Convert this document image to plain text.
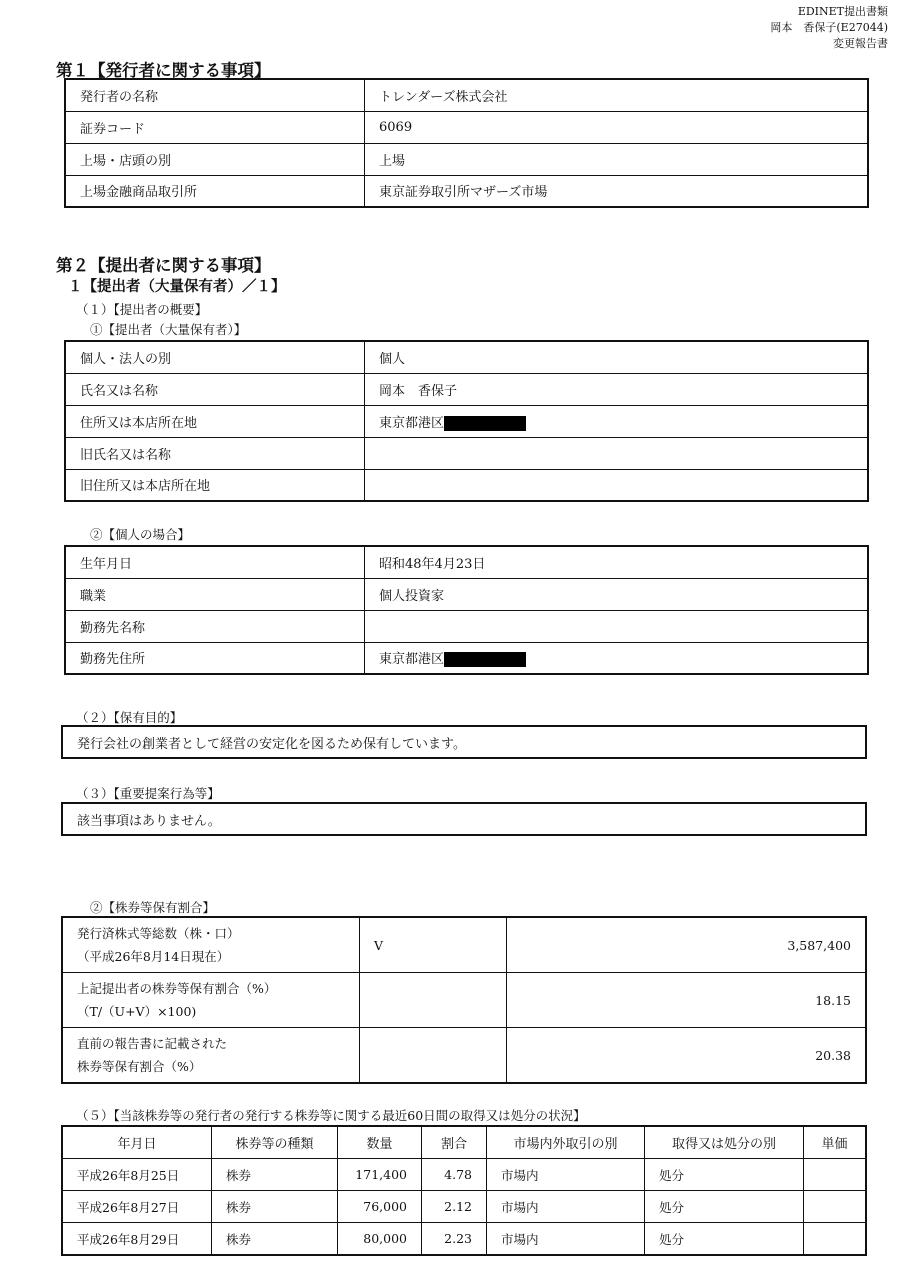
EDINET提出書類
岡本　香保子(E27044)
変更報告書
第１【発行者に関する事項】
発行者の名称	トレンダーズ株式会社
証券コード	6069
上場・店頭の別	上場
上場金融商品取引所	東京証券取引所マザーズ市場
第２【提出者に関する事項】
１【提出者（大量保有者）／１】
（１）【提出者の概要】
①【提出者（大量保有者）】
個人・法人の別	個人
氏名又は名称	岡本　香保子
住所又は本店所在地	東京都港区
旧氏名又は名称	
旧住所又は本店所在地	
②【個人の場合】
生年月日	昭和48年4月23日
職業	個人投資家
勤務先名称	
勤務先住所	東京都港区
（２）【保有目的】
発行会社の創業者として経営の安定化を図るため保有しています。
（３）【重要提案行為等】
該当事項はありません。
②【株券等保有割合】
発行済株式等総数（株・口）
（平成26年8月14日現在）	V	3,587,400

上記提出者の株券等保有割合（%）
（T/（U+V）×100)		18.15

直前の報告書に記載された
株券等保有割合（%）		20.38
（５）【当該株券等の発行者の発行する株券等に関する最近60日間の取得又は処分の状況】
年月日	株券等の種類	数量	割合	市場内外取引の別	取得又は処分の別	単価
平成26年8月25日	株券	171,400	4.78	市場内	処分	
平成26年8月27日	株券	76,000	2.12	市場内	処分	
平成26年8月29日	株券	80,000	2.23	市場内	処分	
